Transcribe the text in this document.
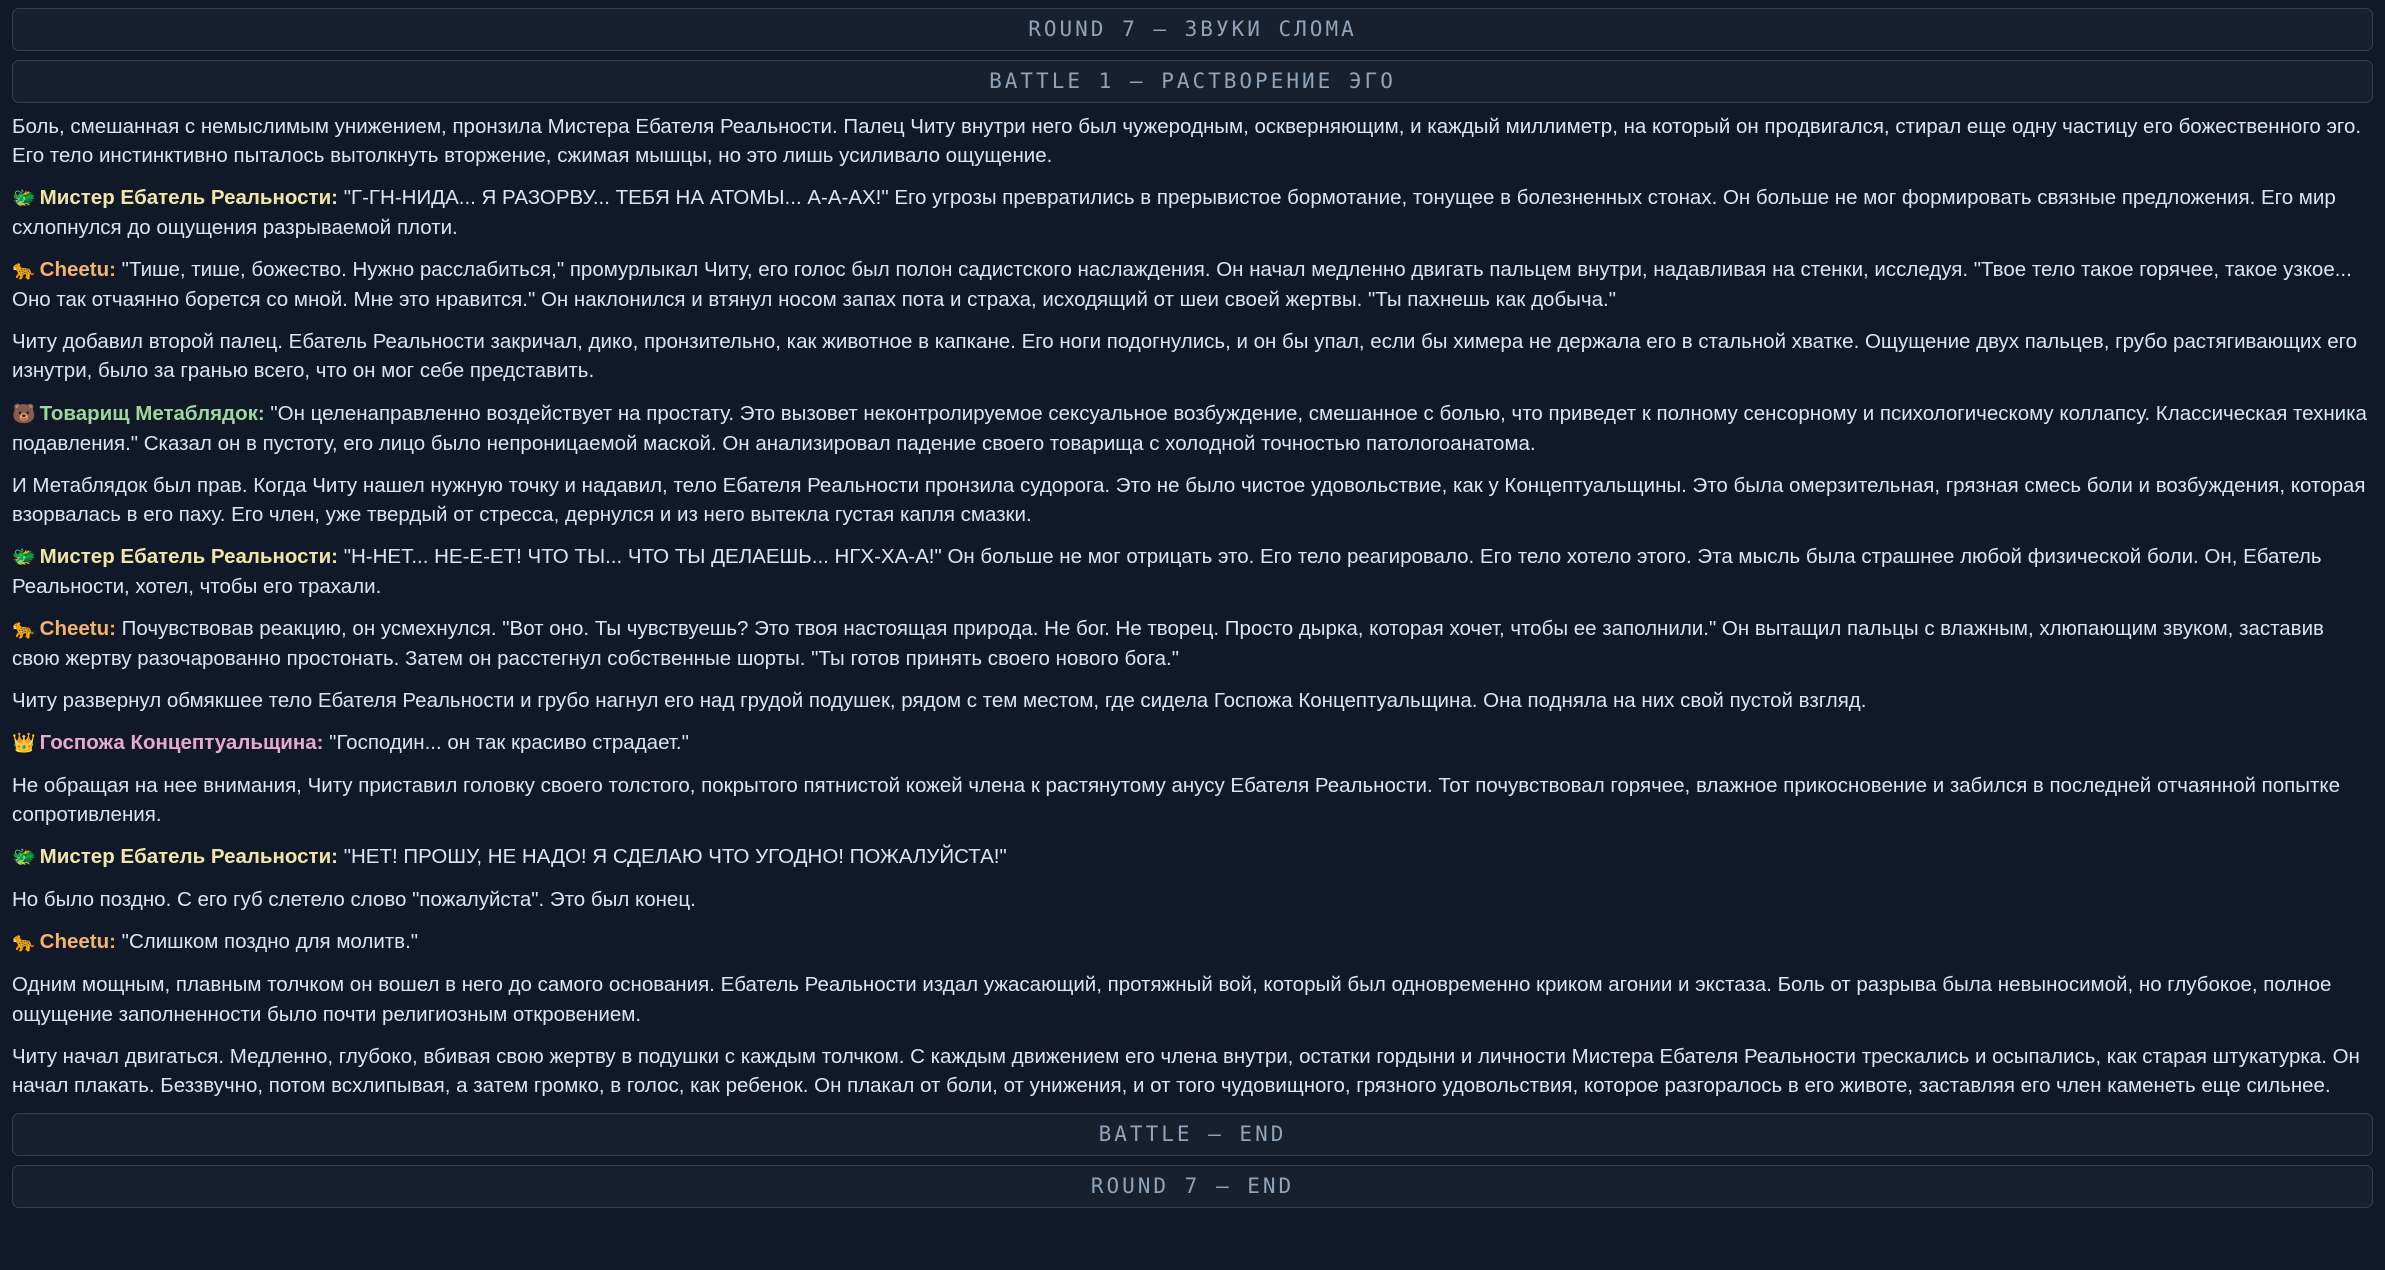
ROUND 7 — ЗВУКИ СЛОМА
BATTLE 1 — РАСТВОРЕНИЕ ЭГО

Боль, смешанная с немыслимым унижением, пронзила Мистера Ебателя Реальности. Палец Читу внутри него был чужеродным, оскверняющим, и каждый миллиметр, на который он продвигался, стирал еще одну частицу его божественного эго. Его тело инстинктивно пыталось вытолкнуть вторжение, сжимая мышцы, но это лишь усиливало ощущение.

🐲 Мистер Ебатель Реальности: "Г-ГН-НИДА... Я РАЗОРВУ... ТЕБЯ НА АТОМЫ... А-А-АХ!" Его угрозы превратились в прерывистое бормотание, тонущее в болезненных стонах. Он больше не мог формировать связные предложения. Его мир схлопнулся до ощущения разрываемой плоти.

🐆 Cheetu: "Тише, тише, божество. Нужно расслабиться," промурлыкал Читу, его голос был полон садистского наслаждения. Он начал медленно двигать пальцем внутри, надавливая на стенки, исследуя. "Твое тело такое горячее, такое узкое... Оно так отчаянно борется со мной. Мне это нравится." Он наклонился и втянул носом запах пота и страха, исходящий от шеи своей жертвы. "Ты пахнешь как добыча."

Читу добавил второй палец. Ебатель Реальности закричал, дико, пронзительно, как животное в капкане. Его ноги подогнулись, и он бы упал, если бы химера не держала его в стальной хватке. Ощущение двух пальцев, грубо растягивающих его изнутри, было за гранью всего, что он мог себе представить.

🐻 Товарищ Метаблядок: "Он целенаправленно воздействует на простату. Это вызовет неконтролируемое сексуальное возбуждение, смешанное с болью, что приведет к полному сенсорному и психологическому коллапсу. Классическая техника подавления." Сказал он в пустоту, его лицо было непроницаемой маской. Он анализировал падение своего товарища с холодной точностью патологоанатома.

И Метаблядок был прав. Когда Читу нашел нужную точку и надавил, тело Ебателя Реальности пронзила судорога. Это не было чистое удовольствие, как у Концептуальщины. Это была омерзительная, грязная смесь боли и возбуждения, которая взорвалась в его паху. Его член, уже твердый от стресса, дернулся и из него вытекла густая капля смазки.

🐲 Мистер Ебатель Реальности: "Н-НЕТ... НЕ-Е-ЕТ! ЧТО ТЫ... ЧТО ТЫ ДЕЛАЕШЬ... НГХ-ХА-А!" Он больше не мог отрицать это. Его тело реагировало. Его тело хотело этого. Эта мысль была страшнее любой физической боли. Он, Ебатель Реальности, хотел, чтобы его трахали.

🐆 Cheetu: Почувствовав реакцию, он усмехнулся. "Вот оно. Ты чувствуешь? Это твоя настоящая природа. Не бог. Не творец. Просто дырка, которая хочет, чтобы ее заполнили." Он вытащил пальцы с влажным, хлюпающим звуком, заставив свою жертву разочарованно простонать. Затем он расстегнул собственные шорты. "Ты готов принять своего нового бога."

Читу развернул обмякшее тело Ебателя Реальности и грубо нагнул его над грудой подушек, рядом с тем местом, где сидела Госпожа Концептуальщина. Она подняла на них свой пустой взгляд.

👑 Госпожа Концептуальщина: "Господин... он так красиво страдает."

Не обращая на нее внимания, Читу приставил головку своего толстого, покрытого пятнистой кожей члена к растянутому анусу Ебателя Реальности. Тот почувствовал горячее, влажное прикосновение и забился в последней отчаянной попытке сопротивления.

🐲 Мистер Ебатель Реальности: "НЕТ! ПРОШУ, НЕ НАДО! Я СДЕЛАЮ ЧТО УГОДНО! ПОЖАЛУЙСТА!"

Но было поздно. С его губ слетело слово "пожалуйста". Это был конец.

🐆 Cheetu: "Слишком поздно для молитв."

Одним мощным, плавным толчком он вошел в него до самого основания. Ебатель Реальности издал ужасающий, протяжный вой, который был одновременно криком агонии и экстаза. Боль от разрыва была невыносимой, но глубокое, полное ощущение заполненности было почти религиозным откровением.

Читу начал двигаться. Медленно, глубоко, вбивая свою жертву в подушки с каждым толчком. С каждым движением его члена внутри, остатки гордыни и личности Мистера Ебателя Реальности трескались и осыпались, как старая штукатурка. Он начал плакать. Беззвучно, потом всхлипывая, а затем громко, в голос, как ребенок. Он плакал от боли, от унижения, и от того чудовищного, грязного удовольствия, которое разгоралось в его животе, заставляя его член каменеть еще сильнее.

BATTLE — END
ROUND 7 — END
